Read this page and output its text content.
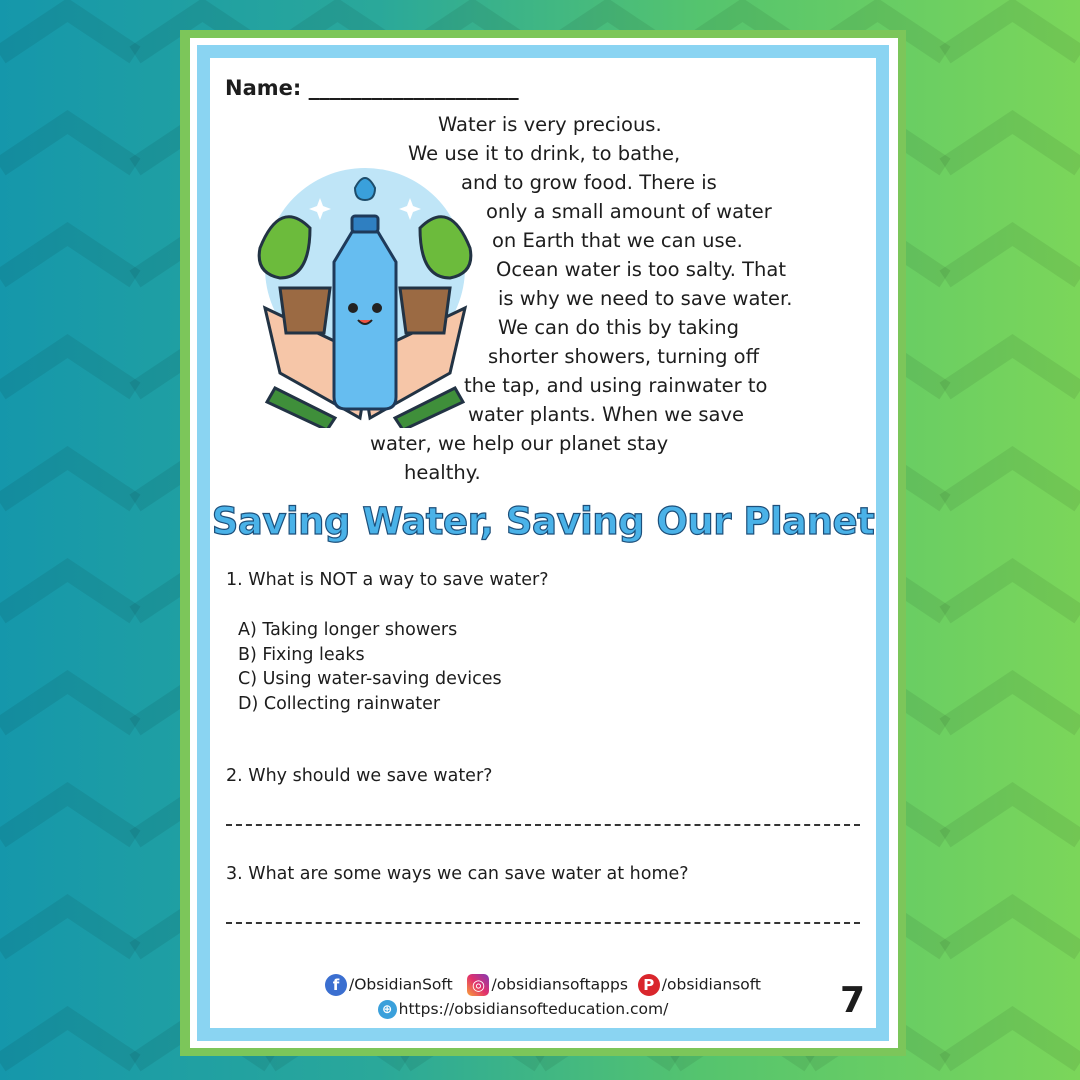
Name: ____________________
Water is very precious.
We use it to drink, to bathe,
and to grow food. There is
only a small amount of water
on Earth that we can use.
Ocean water is too salty. That
is why we need to save water.
We can do this by taking
shorter showers, turning off
the tap, and using rainwater to
water plants. When we save
water, we help our planet stay
healthy.
Saving Water, Saving Our Planet
1. What is NOT a way to save water?
A) Taking longer showers
B) Fixing leaks
C) Using water-saving devices
D) Collecting rainwater
2. Why should we save water?
3. What are some ways we can save water at home?
f /ObsidianSoft ◎ /obsidiansoftapps P /obsidiansoft
⊕ https://obsidiansofteducation.com/	7
